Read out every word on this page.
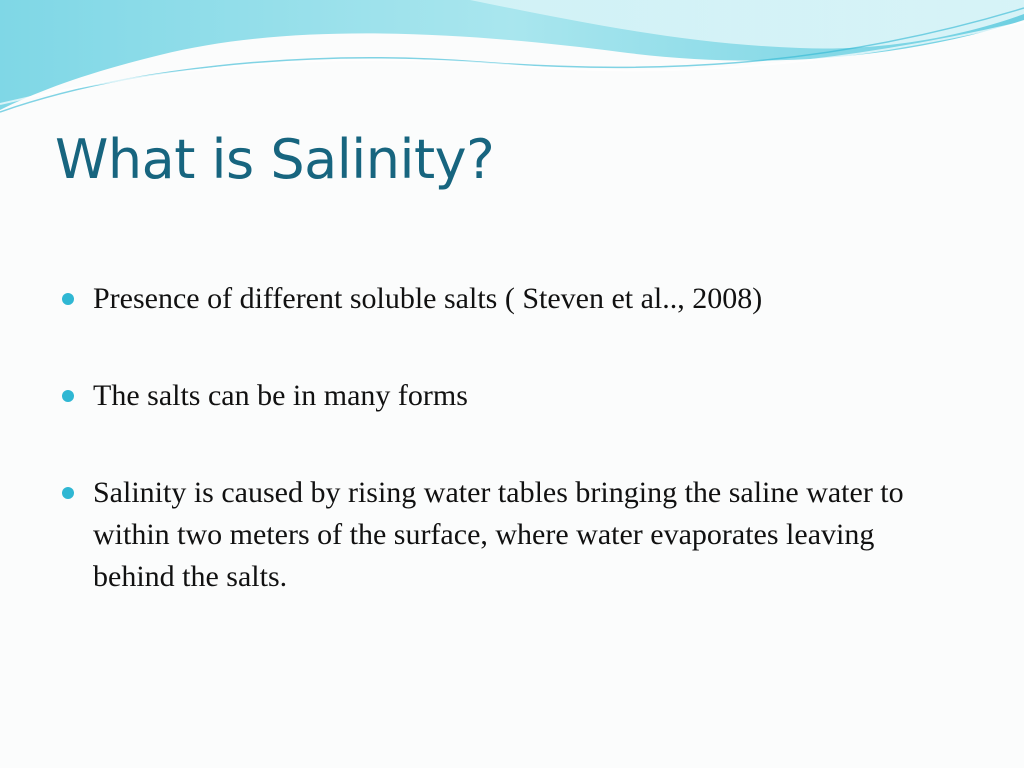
What is Salinity?
Presence of different soluble salts ( Steven et al.., 2008)
The salts can be in many forms
Salinity is caused by rising water tables bringing the saline water to within two meters of the surface, where water evaporates leaving behind the salts.
